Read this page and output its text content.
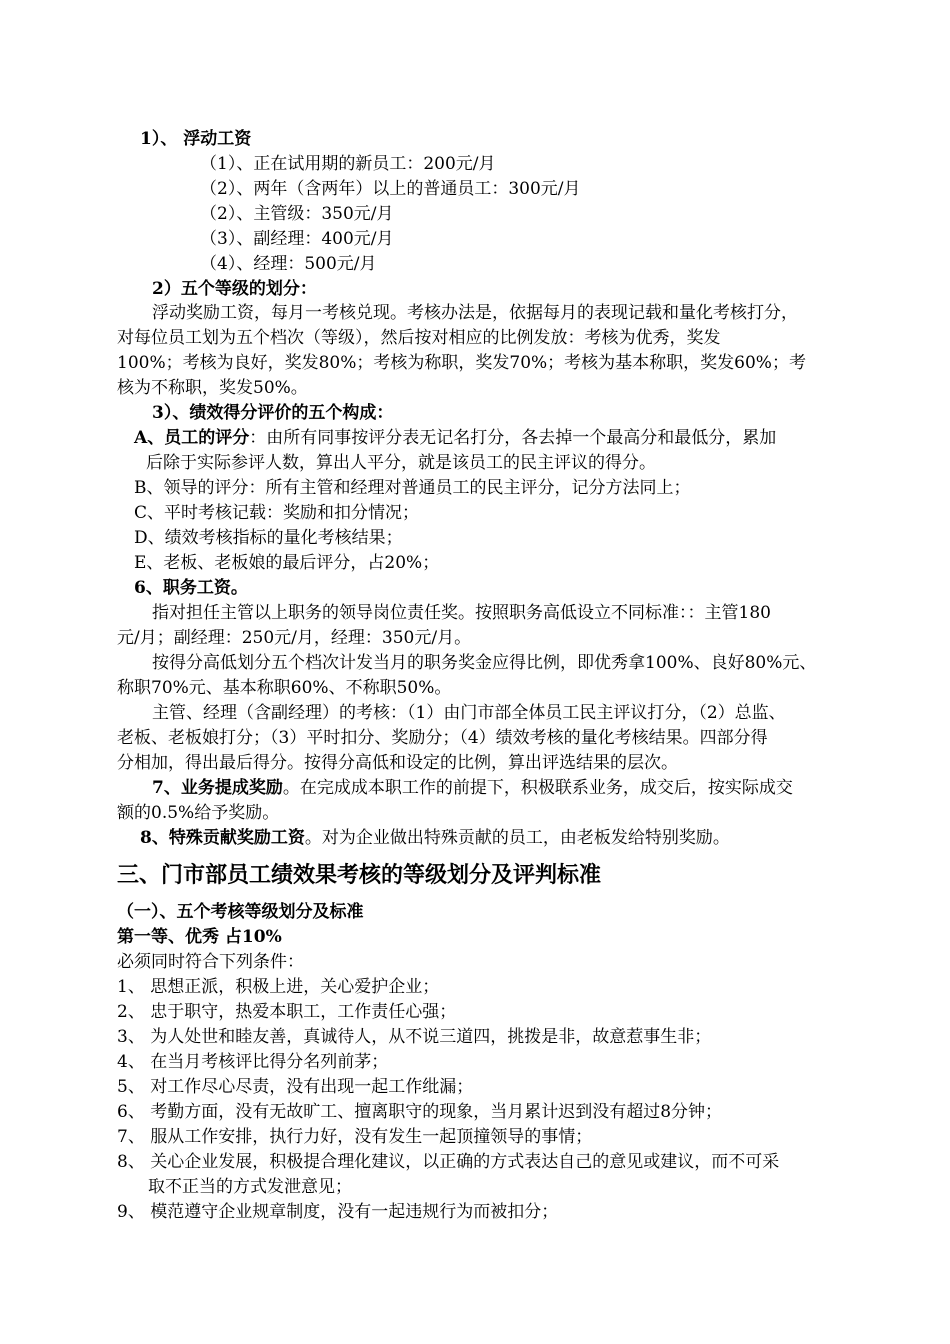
1）、 浮动工资
（1）、正在试用期的新员工：200元/月
（2）、两年（含两年）以上的普通员工：300元/月
（2）、主管级：350元/月
（3）、副经理：400元/月
（4）、经理：500元/月
2）五个等级的划分：
浮动奖励工资，每月一考核兑现。考核办法是，依据每月的表现记载和量化考核打分，
对每位员工划为五个档次（等级），然后按对相应的比例发放：考核为优秀，奖发
100%；考核为良好，奖发80%；考核为称职，奖发70%；考核为基本称职，奖发60%；考
核为不称职，奖发50%。
3）、绩效得分评价的五个构成：
A、员工的评分：由所有同事按评分表无记名打分，各去掉一个最高分和最低分，累加
后除于实际参评人数，算出人平分，就是该员工的民主评议的得分。
B、领导的评分：所有主管和经理对普通员工的民主评分，记分方法同上；
C、平时考核记载：奖励和扣分情况；
D、绩效考核指标的量化考核结果；
E、老板、老板娘的最后评分，占20%；
6、职务工资。
指对担任主管以上职务的领导岗位责任奖。按照职务高低设立不同标准：：主管180
元/月；副经理：250元/月，经理：350元/月。
按得分高低划分五个档次计发当月的职务奖金应得比例，即优秀拿100%、良好80%元、
称职70%元、基本称职60%、不称职50%。
主管、经理（含副经理）的考核：（1）由门市部全体员工民主评议打分，（2）总监、
老板、老板娘打分；（3）平时扣分、奖励分；（4）绩效考核的量化考核结果。四部分得
分相加，得出最后得分。按得分高低和设定的比例，算出评选结果的层次。
7、业务提成奖励。在完成成本职工作的前提下，积极联系业务，成交后，按实际成交
额的0.5%给予奖励。
8、特殊贡献奖励工资。对为企业做出特殊贡献的员工，由老板发给特别奖励。
三、门市部员工绩效果考核的等级划分及评判标准
（一）、五个考核等级划分及标准
第一等、优秀 占10%
必须同时符合下列条件：
1、 思想正派，积极上进，关心爱护企业；
2、 忠于职守，热爱本职工，工作责任心强；
3、 为人处世和睦友善，真诚待人，从不说三道四，挑拨是非，故意惹事生非；
4、 在当月考核评比得分名列前茅；
5、 对工作尽心尽责，没有出现一起工作纰漏；
6、 考勤方面，没有无故旷工、擅离职守的现象，当月累计迟到没有超过8分钟；
7、 服从工作安排，执行力好，没有发生一起顶撞领导的事情；
8、 关心企业发展，积极提合理化建议，以正确的方式表达自己的意见或建议，而不可采
取不正当的方式发泄意见；
9、 模范遵守企业规章制度，没有一起违规行为而被扣分；
